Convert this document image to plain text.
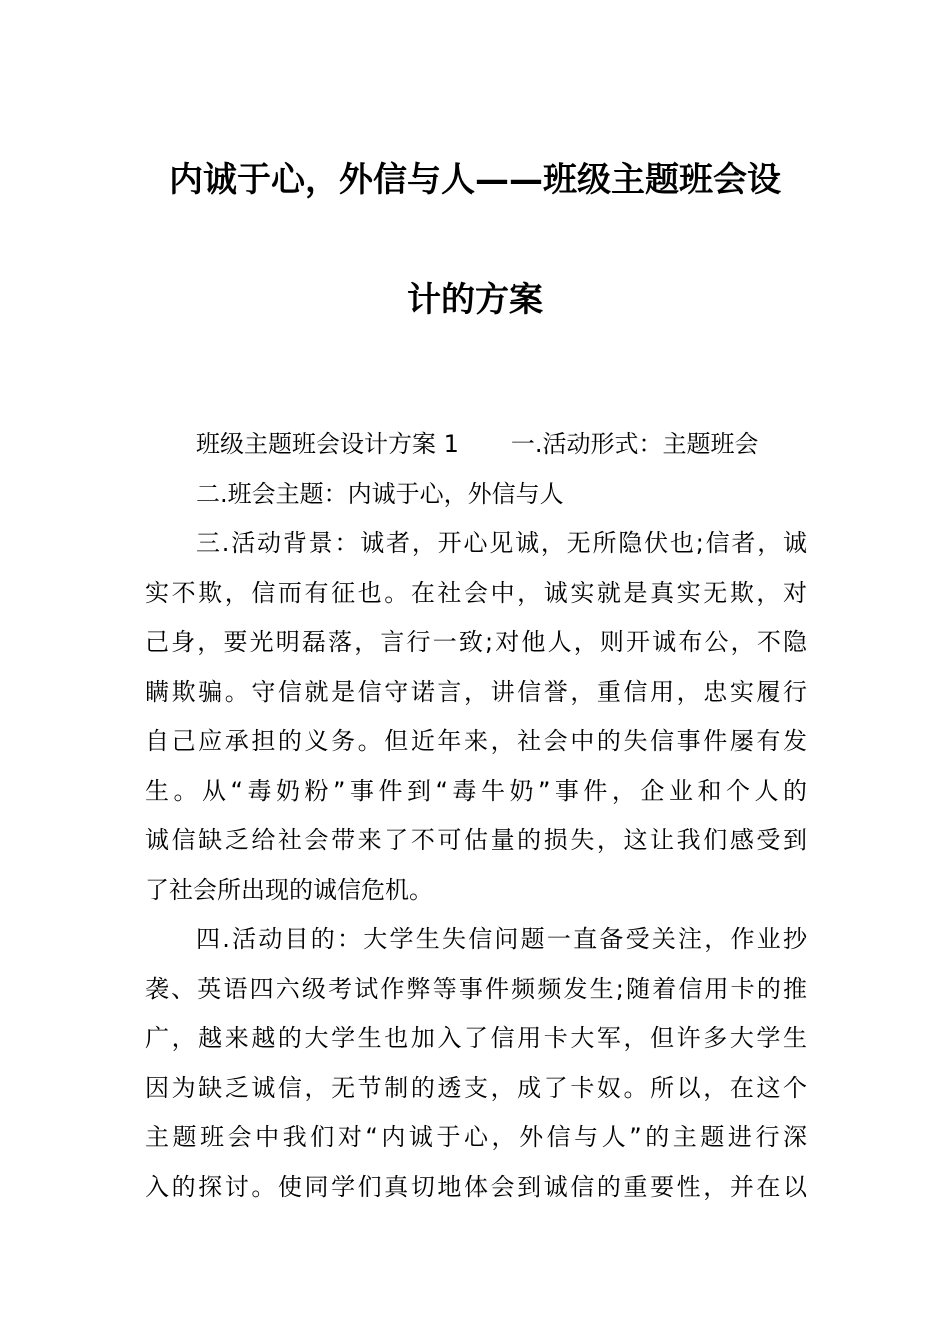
内诚于心，外信与人——班级主题班会设
计的方案
班级主题班会设计方案 1 一.活动形式：主题班会
二.班会主题：内诚于心，外信与人
三.活动背景：诚者，开心见诚，无所隐伏也;信者，诚
实不欺，信而有征也。在社会中，诚实就是真实无欺，对
己身，要光明磊落，言行一致;对他人，则开诚布公，不隐
瞒欺骗。守信就是信守诺言，讲信誉，重信用，忠实履行
自己应承担的义务。但近年来，社会中的失信事件屡有发
生。从“毒奶粉”事件到“毒牛奶”事件，企业和个人的
诚信缺乏给社会带来了不可估量的损失，这让我们感受到
了社会所出现的诚信危机。
四.活动目的：大学生失信问题一直备受关注，作业抄
袭、英语四六级考试作弊等事件频频发生;随着信用卡的推
广，越来越的大学生也加入了信用卡大军，但许多大学生
因为缺乏诚信，无节制的透支，成了卡奴。所以，在这个
主题班会中我们对“内诚于心，外信与人”的主题进行深
入的探讨。使同学们真切地体会到诚信的重要性，并在以
